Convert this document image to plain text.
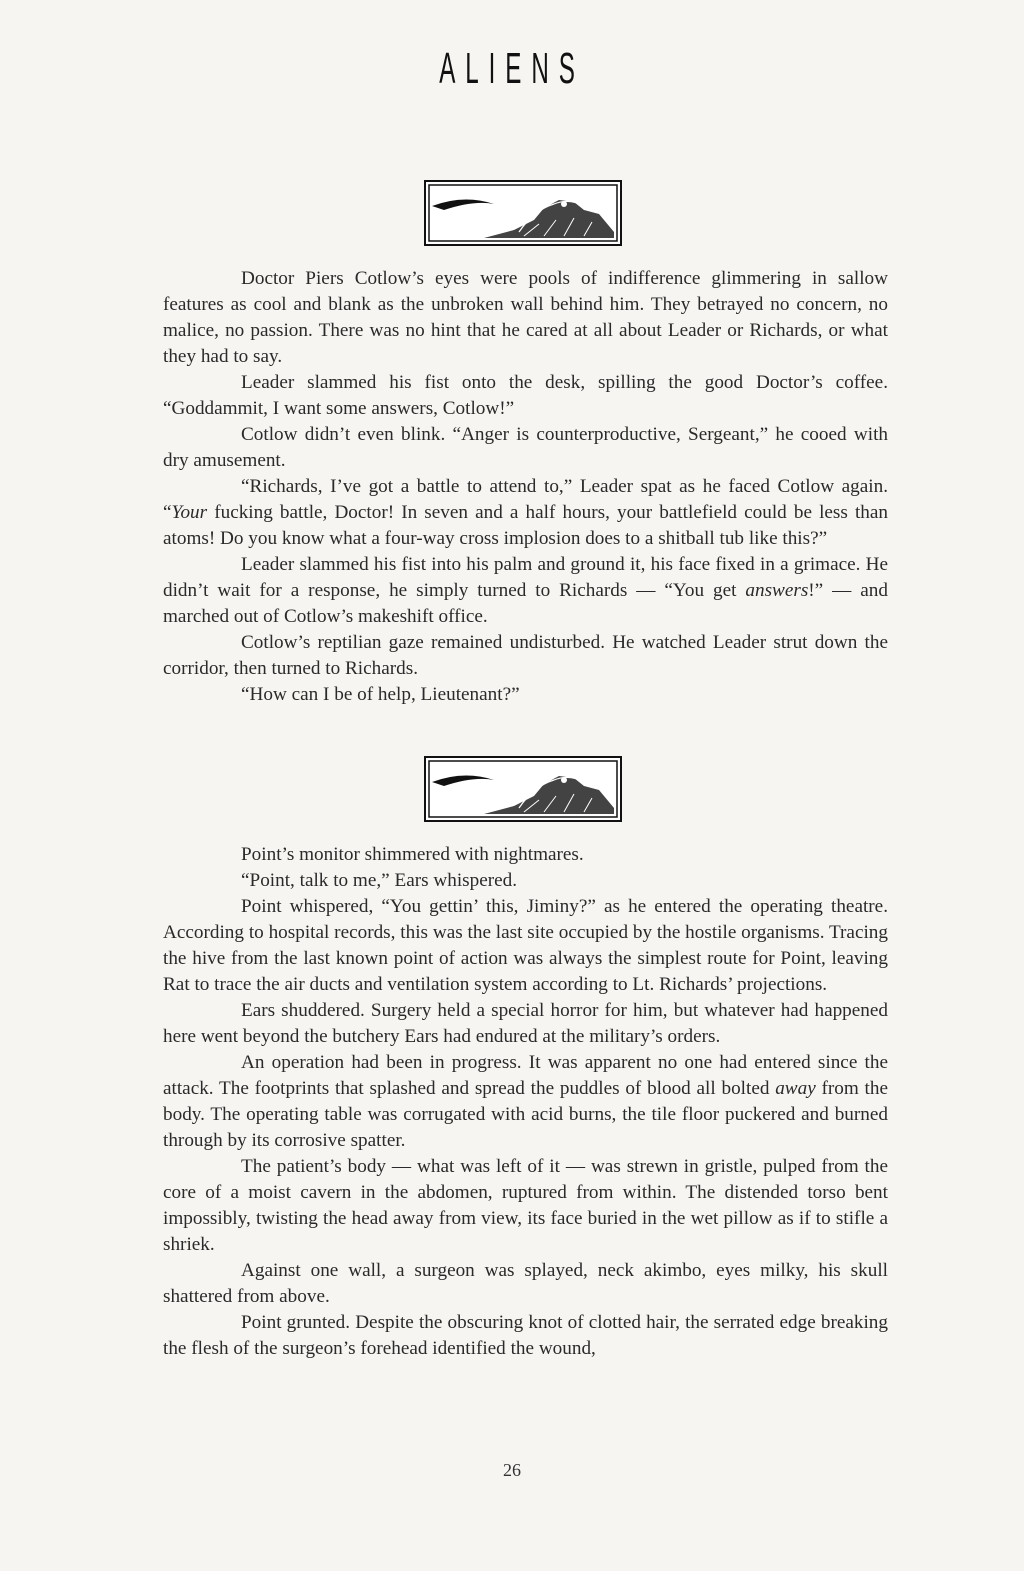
ALIENS

Doctor Piers Cotlow’s eyes were pools of indifference glimmering in sallow features as cool and blank as the unbroken wall behind him. They betrayed no concern, no malice, no passion. There was no hint that he cared at all about Leader or Richards, or what they had to say.

Leader slammed his fist onto the desk, spilling the good Doctor’s coffee. “Goddammit, I want some answers, Cotlow!”

Cotlow didn’t even blink. “Anger is counterproductive, Sergeant,” he cooed with dry amusement.

“Richards, I’ve got a battle to attend to,” Leader spat as he faced Cotlow again. “Your fucking battle, Doctor! In seven and a half hours, your battlefield could be less than atoms! Do you know what a four-way cross implosion does to a shitball tub like this?”

Leader slammed his fist into his palm and ground it, his face fixed in a grimace. He didn’t wait for a response, he simply turned to Richards — “You get answers!” — and marched out of Cotlow’s makeshift office.

Cotlow’s reptilian gaze remained undisturbed. He watched Leader strut down the corridor, then turned to Richards.

“How can I be of help, Lieutenant?”

Point’s monitor shimmered with nightmares.

“Point, talk to me,” Ears whispered.

Point whispered, “You gettin’ this, Jiminy?” as he entered the operating theatre. According to hospital records, this was the last site occupied by the hostile organisms. Tracing the hive from the last known point of action was always the simplest route for Point, leaving Rat to trace the air ducts and ventilation system according to Lt. Richards’ projections.

Ears shuddered. Surgery held a special horror for him, but whatever had happened here went beyond the butchery Ears had endured at the military’s orders.

An operation had been in progress. It was apparent no one had entered since the attack. The footprints that splashed and spread the puddles of blood all bolted away from the body. The operating table was corrugated with acid burns, the tile floor puckered and burned through by its corrosive spatter.

The patient’s body — what was left of it — was strewn in gristle, pulped from the core of a moist cavern in the abdomen, ruptured from within. The distended torso bent impossibly, twisting the head away from view, its face buried in the wet pillow as if to stifle a shriek.

Against one wall, a surgeon was splayed, neck akimbo, eyes milky, his skull shattered from above.

Point grunted. Despite the obscuring knot of clotted hair, the serrated edge breaking the flesh of the surgeon’s forehead identified the wound,

26
